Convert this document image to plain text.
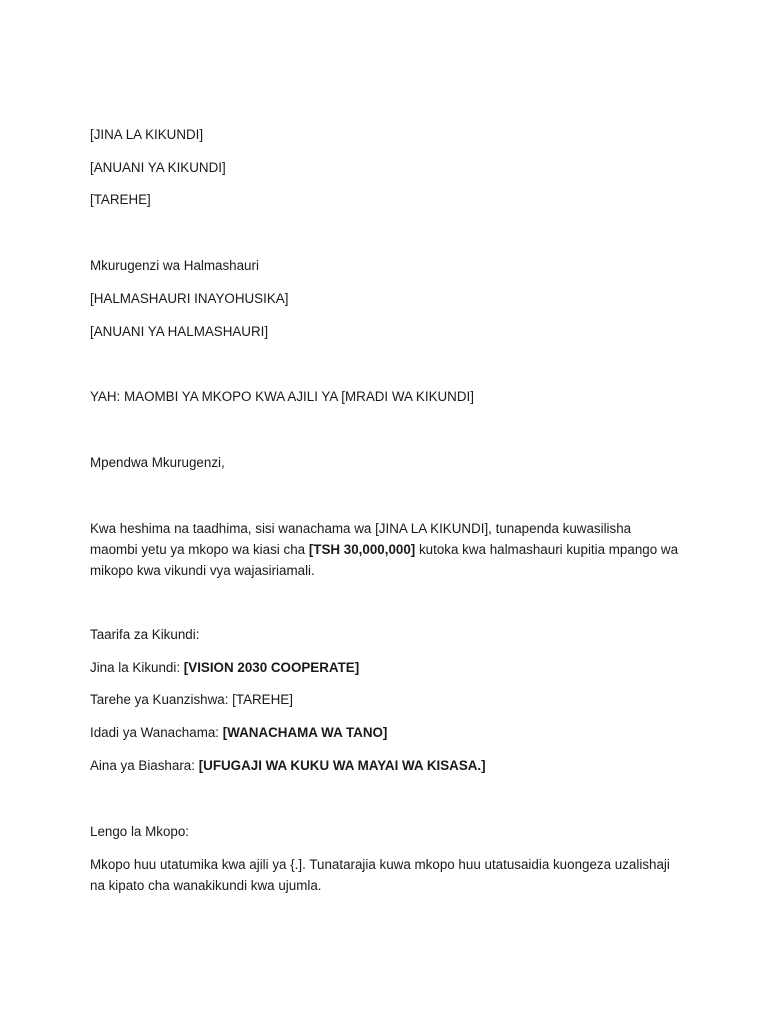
[JINA LA KIKUNDI]
[ANUANI YA KIKUNDI]
[TAREHE]
Mkurugenzi wa Halmashauri
[HALMASHAURI INAYOHUSIKA]
[ANUANI YA HALMASHAURI]
YAH: MAOMBI YA MKOPO KWA AJILI YA [MRADI WA KIKUNDI]
Mpendwa Mkurugenzi,
Kwa heshima na taadhima, sisi wanachama wa [JINA LA KIKUNDI], tunapenda kuwasilisha maombi yetu ya mkopo wa kiasi cha [TSH 30,000,000] kutoka kwa halmashauri kupitia mpango wa mikopo kwa vikundi vya wajasiriamali.
Taarifa za Kikundi:
Jina la Kikundi: [VISION 2030 COOPERATE]
Tarehe ya Kuanzishwa: [TAREHE]
Idadi ya Wanachama: [WANACHAMA WA TANO]
Aina ya Biashara: [UFUGAJI WA KUKU WA MAYAI WA KISASA.]
Lengo la Mkopo:
Mkopo huu utatumika kwa ajili ya {.]. Tunatarajia kuwa mkopo huu utatusaidia kuongeza uzalishaji na kipato cha wanakikundi kwa ujumla.
